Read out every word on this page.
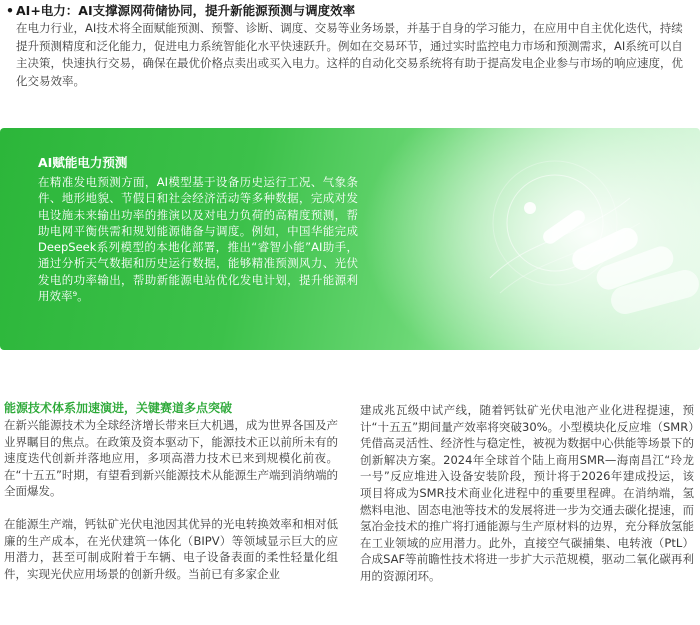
• AI+电力：AI支撑源网荷储协同，提升新能源预测与调度效率
在电力行业，AI技术将全面赋能预测、预警、诊断、调度、交易等业务场景，并基于自身的学习能力，在应用中自主优化迭代，持续提升预测精度和泛化能力，促进电力系统智能化水平快速跃升。例如在交易环节，通过实时监控电力市场和预测需求，AI系统可以自主决策，快速执行交易，确保在最优价格点卖出或买入电力。这样的自动化交易系统将有助于提高发电企业参与市场的响应速度，优化交易效率。
AI赋能电力预测
在精准发电预测方面，AI模型基于设备历史运行工况、气象条件、地形地貌、节假日和社会经济活动等多种数据，完成对发电设施未来输出功率的推演以及对电力负荷的高精度预测，帮助电网平衡供需和规划能源储备与调度。例如，中国华能完成DeepSeek系列模型的本地化部署，推出“睿智小能”AI助手，通过分析天气数据和历史运行数据，能够精准预测风力、光伏发电的功率输出，帮助新能源电站优化发电计划，提升能源利用效率⁹。
能源技术体系加速演进，关键赛道多点突破

在新兴能源技术为全球经济增长带来巨大机遇，成为世界各国及产业界瞩目的焦点。在政策及资本驱动下，能源技术正以前所未有的速度迭代创新并落地应用，多项高潜力技术已来到规模化前夜。在“十五五”时期，有望看到新兴能源技术从能源生产端到消纳端的全面爆发。

在能源生产端，钙钛矿光伏电池因其优异的光电转换效率和相对低廉的生产成本，在光伏建筑一体化（BIPV）等领域显示巨大的应用潜力，甚至可制成附着于车辆、电子设备表面的柔性轻量化组件，实现光伏应用场景的创新升级。当前已有多家企业

建成兆瓦级中试产线，随着钙钛矿光伏电池产业化进程提速，预计“十五五”期间量产效率将突破30%。小型模块化反应堆（SMR）凭借高灵活性、经济性与稳定性，被视为数据中心供能等场景下的创新解决方案。2024年全球首个陆上商用SMR—海南昌江“玲龙一号”反应堆进入设备安装阶段，预计将于2026年建成投运，该项目将成为SMR技术商业化进程中的重要里程碑。在消纳端，氢燃料电池、固态电池等技术的发展将进一步为交通去碳化提速，而氢冶金技术的推广将打通能源与生产原材料的边界，充分释放氢能在工业领域的应用潜力。此外，直接空气碳捕集、电转液（PtL）合成SAF等前瞻性技术将进一步扩大示范规模，驱动二氧化碳再利用的资源闭环。
